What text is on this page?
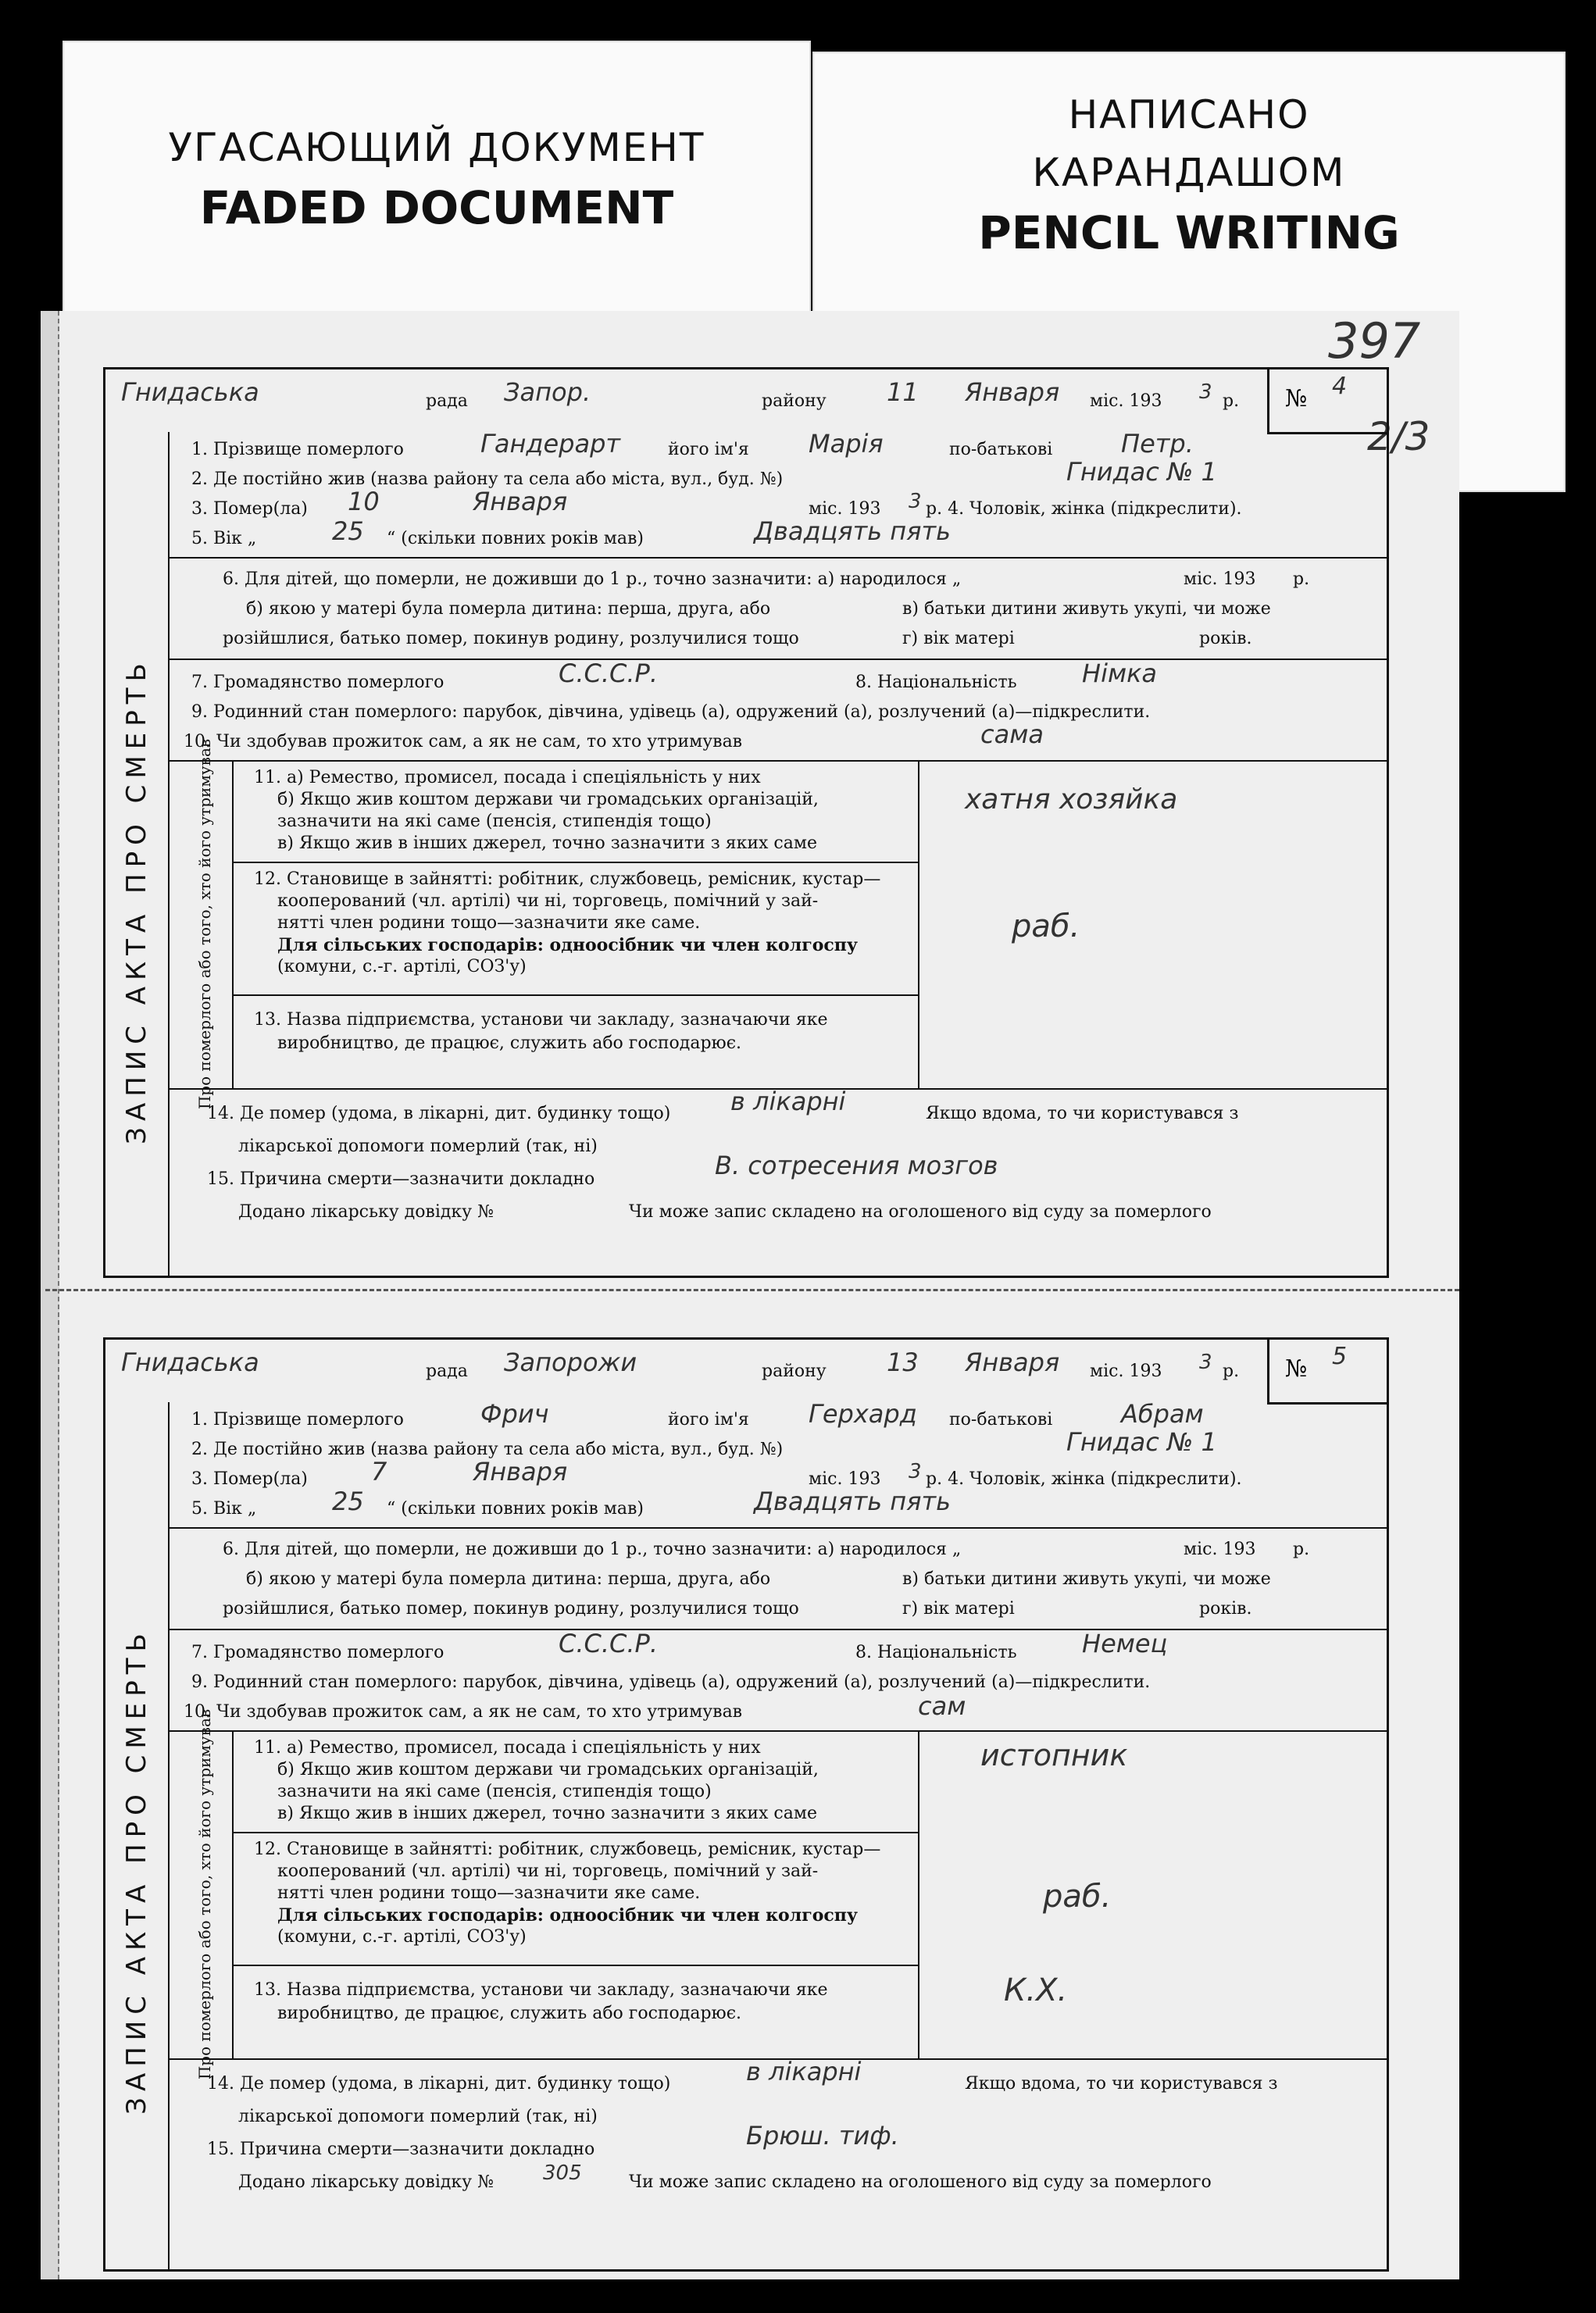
УГАСАЮЩИЙ ДОКУМЕНТ
FADED DOCUMENT
НАПИСАНО
КАРАНДАШОМ
PENCIL WRITING
397
2/3
№ 4
Гнидаська	рада Запор.	району 11 Января міс. 193 3 р.
ЗАПИС АКТА ПРО СМЕРТЬ
1. Прізвище померлого	Гандерарт	його ім'я Марія	по-батькові	Петр.
2. Де постійно жив (назва району та села або міста, вул., буд. №)	Гнидас № 1
3. Помер(ла) 10	Января	міс. 193 3 р. 4. Чоловік, жінка (підкреслити).
5. Вік „	25 “ (скільки повних років мав)	Двадцять пять
6. Для дітей, що померли, не доживши до 1 р., точно зазначити: а) народилося „	міс. 193 р.
б) якою у матері була померла дитина: перша, друга, або	в) батьки дитини живуть укупі, чи може
розійшлися, батько помер, покинув родину, розлучилися тощо	г) вік матері	років.
7. Громадянство померлого	С.С.С.Р.	8. Національність	Німка
9. Родинний стан померлого: парубок, дівчина, удівець (а), одружений (а), розлучений (а)—підкреслити.
10. Чи здобував прожиток сам, а як не сам, то хто утримував	сама
Про померлого або того, хто його утримував 11. а) Ремество, промисел, посада і спеціяльність у них
б) Якщо жив коштом держави чи громадських організацій,
зазначити на які саме (пенсія, стипендія тощо)
в) Якщо жив в інших джерел, точно зазначити з яких саме
хатня хозяйка
12. Становище в зайнятті: робітник, службовець, ремісник, кустар—
кооперований (чл. артілі) чи ні, торговець, помічний у зай-
нятті член родини тощо—зазначити яке саме.
Для сільських господарів: одноосібник чи член колгоспу
(комуни, с.-г. артілі, СОЗ'у)
раб.
13. Назва підприємства, установи чи закладу, зазначаючи яке
виробництво, де працює, служить або господарює.
14. Де помер (удома, в лікарні, дит. будинку тощо) в лікарні	Якщо вдома, то чи користувався з
лікарської допомоги померлий (так, ні)
15. Причина смерти—зазначити докладно	В. сотресения мозгов
Додано лікарську довідку №	Чи може запис складено на оголошеного від суду за померлого
№ 5
Гнидаська	рада Запорожи	району 13 Января міс. 193 3 р.
ЗАПИС АКТА ПРО СМЕРТЬ
1. Прізвище померлого	Фрич	його ім'я Герхард по-батькові	Абрам
2. Де постійно жив (назва району та села або міста, вул., буд. №)	Гнидас № 1
3. Помер(ла)	7	Января	міс. 193 3 р. 4. Чоловік, жінка (підкреслити).
5. Вік „	25 “ (скільки повних років мав)	Двадцять пять
6. Для дітей, що померли, не доживши до 1 р., точно зазначити: а) народилося „	міс. 193 р.
б) якою у матері була померла дитина: перша, друга, або	в) батьки дитини живуть укупі, чи може
розійшлися, батько помер, покинув родину, розлучилися тощо	г) вік матері	років.
7. Громадянство померлого	С.С.С.Р.	8. Національність	Немец
9. Родинний стан померлого: парубок, дівчина, удівець (а), одружений (а), розлучений (а)—підкреслити.
10. Чи здобував прожиток сам, а як не сам, то хто утримував	сам
Про померлого або того, хто його утримував 11. а) Ремество, промисел, посада і спеціяльність у них
б) Якщо жив коштом держави чи громадських організацій,
зазначити на які саме (пенсія, стипендія тощо)
в) Якщо жив в інших джерел, точно зазначити з яких саме
истопник
12. Становище в зайнятті: робітник, службовець, ремісник, кустар—
кооперований (чл. артілі) чи ні, торговець, помічний у зай-
нятті член родини тощо—зазначити яке саме.
Для сільських господарів: одноосібник чи член колгоспу
(комуни, с.-г. артілі, СОЗ'у)
раб.
13. Назва підприємства, установи чи закладу, зазначаючи яке
виробництво, де працює, служить або господарює.
К.Х.
14. Де помер (удома, в лікарні, дит. будинку тощо)	в лікарні	Якщо вдома, то чи користувався з
лікарської допомоги померлий (так, ні)
15. Причина смерти—зазначити докладно	Брюш. тиф.
Додано лікарську довідку № 305	Чи може запис складено на оголошеного від суду за померлого
